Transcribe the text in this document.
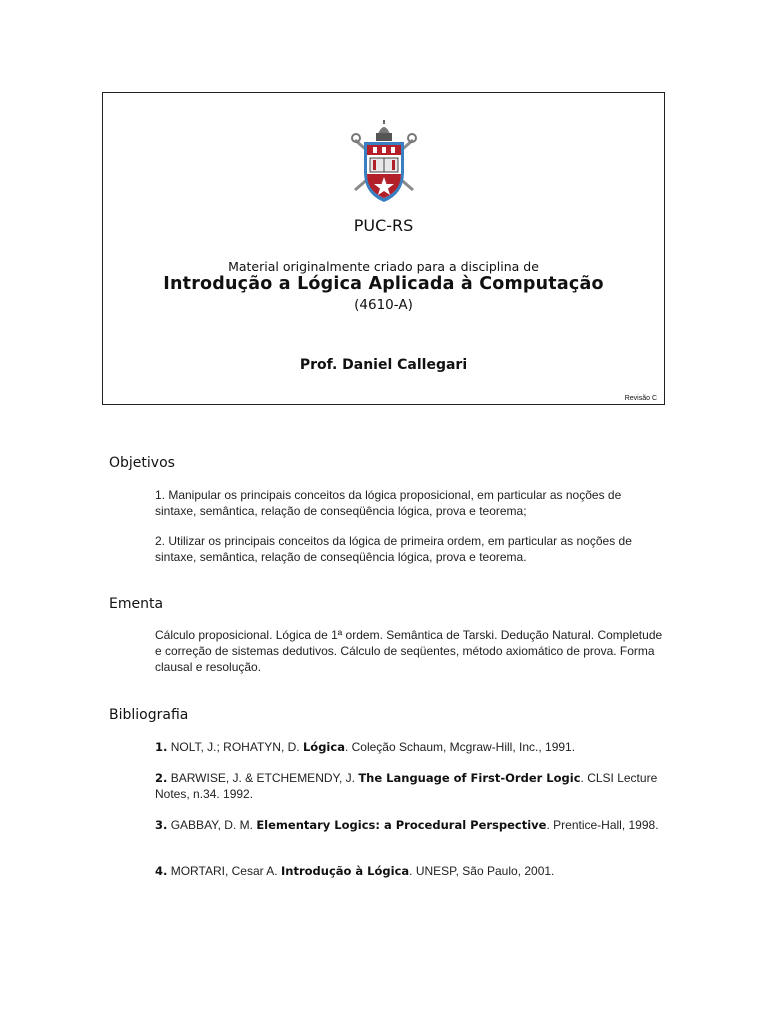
PUC-RS
Material originalmente criado para a disciplina de
Introdução a Lógica Aplicada à Computação
(4610-A)
Prof. Daniel Callegari
Revisão C
Objetivos

1. Manipular os principais conceitos da lógica proposicional, em particular as noções de sintaxe, semântica, relação de conseqüência lógica, prova e teorema;

2. Utilizar os principais conceitos da lógica de primeira ordem, em particular as noções de sintaxe, semântica, relação de conseqüência lógica, prova e teorema.

Ementa

Cálculo proposicional. Lógica de 1ª ordem. Semântica de Tarski. Dedução Natural. Completude e correção de sistemas dedutivos. Cálculo de seqüentes, método axiomático de prova. Forma clausal e resolução.

Bibliografia

1. NOLT, J.; ROHATYN, D. Lógica. Coleção Schaum, Mcgraw-Hill, Inc., 1991.

2. BARWISE, J. & ETCHEMENDY, J. The Language of First-Order Logic. CLSI Lecture Notes, n.34. 1992.

3. GABBAY, D. M. Elementary Logics: a Procedural Perspective. Prentice-Hall, 1998.

4. MORTARI, Cesar A. Introdução à Lógica. UNESP, São Paulo, 2001.
